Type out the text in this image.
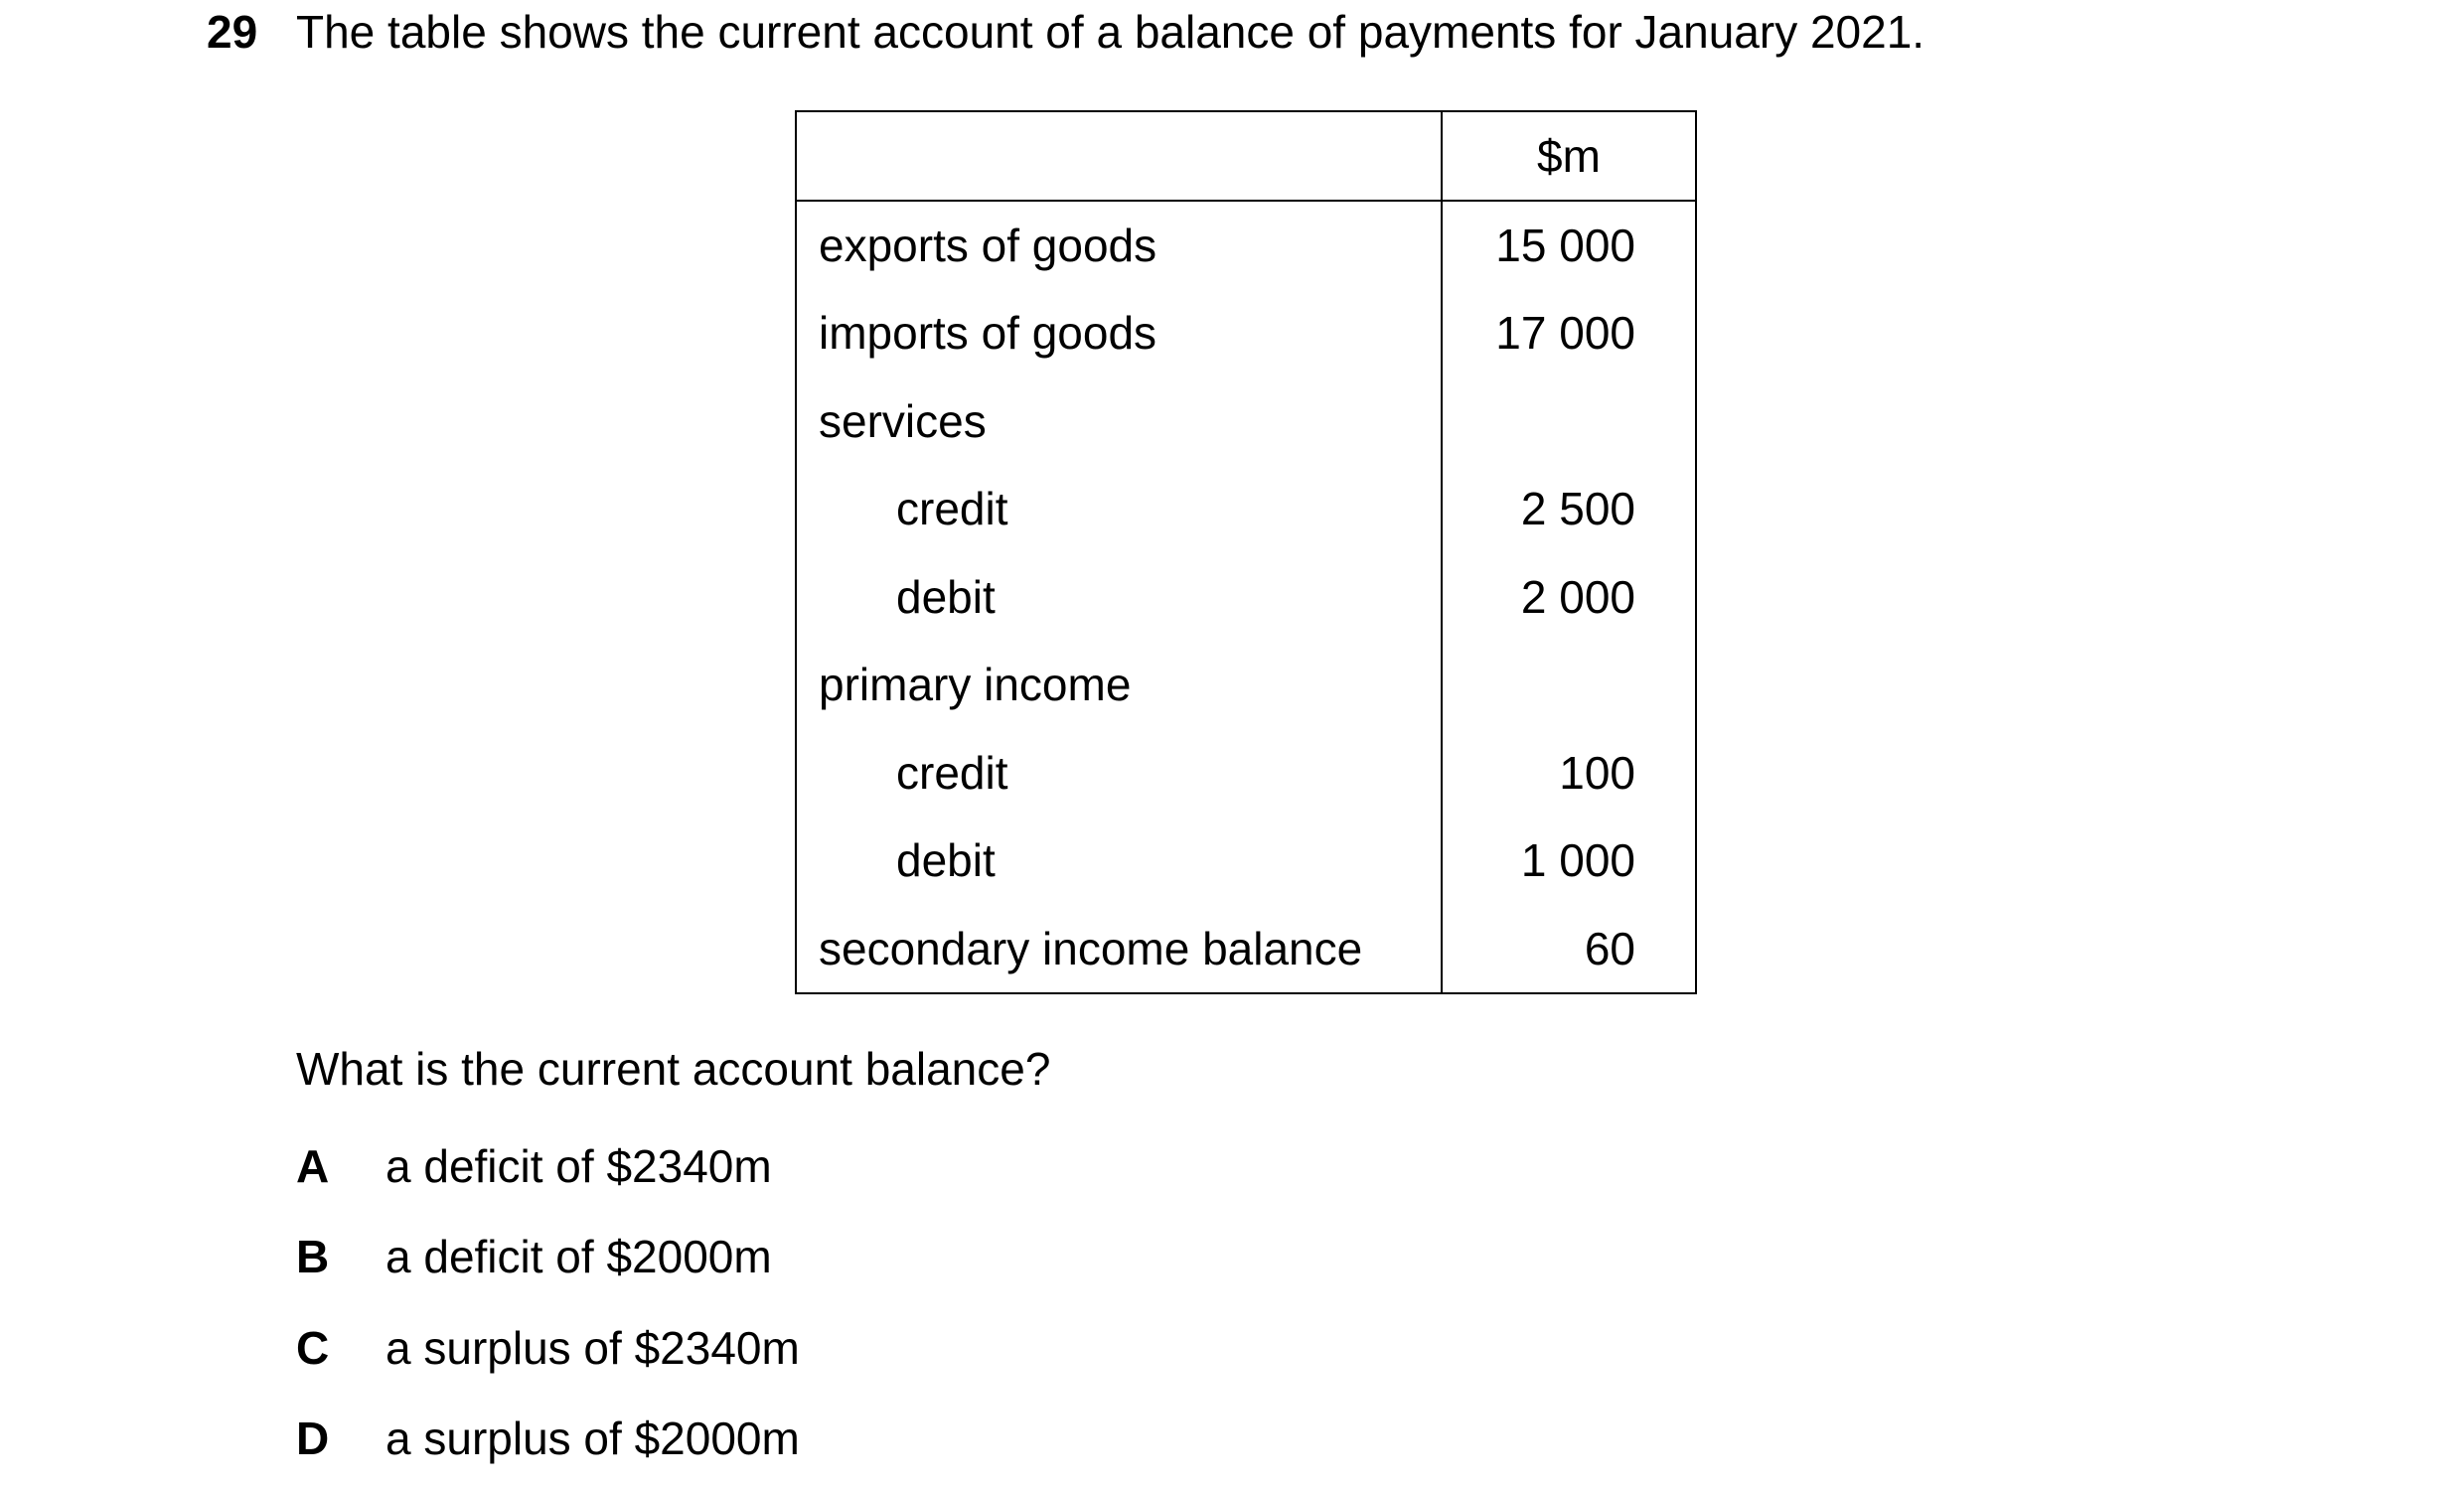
29 The table shows the current account of a balance of payments for January 2021.
	$m
exports of goods	15 000
imports of goods	17 000
services	
credit	2 500
debit	2 000
primary income	
credit	100
debit	1 000
secondary income balance	60
What is the current account balance?
A a deficit of $2340m
B a deficit of $2000m
C a surplus of $2340m
D a surplus of $2000m
